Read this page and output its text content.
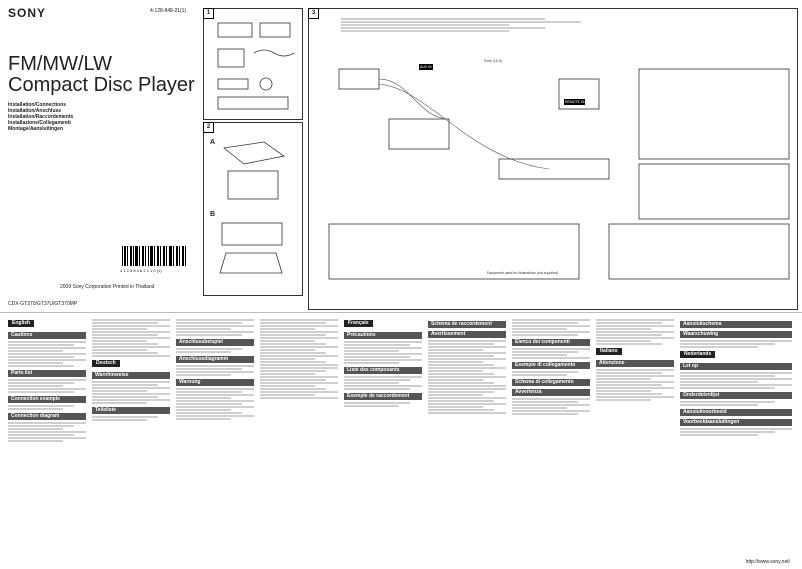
SONY	4-128-848-21(1)
FM/MW/LW
Compact Disc Player
Installation/Connections
Installation/Anschluss
Installation/Raccordements
Installazione/Collegamenti
Montage/Aansluitingen
4 1 2 8 8 4 8 2 1 1 0 (1)
2009 Sony Corporation Printed in Thailand
CDX-GT370/GT37U/GT370MP
1
2
A
B
3
AUX IN
REMOTE IN
Fuse (10 A)
Equipment used for illustrations (not supplied)
English
Cautions
Parts list
Connection example
Connection diagram
Deutsch
Warnhinweise
Teileliste
Anschlussbeispiel
Anschlussdiagramm
Warnung
Français
Précautions
Liste des composants
Exemple de raccordement
Schéma de raccordement
Avertissement
Elenco dei componenti
Esempio di collegamento
Schema di collegamento
Avvertenza
Italiano
Attenzione
Aansluitschema
Waarschuwing
Nederlands
Let op
Onderdelenlijst
Aansluitvoorbeeld
Voorbeeldaansluitingen
http://www.sony.net/
